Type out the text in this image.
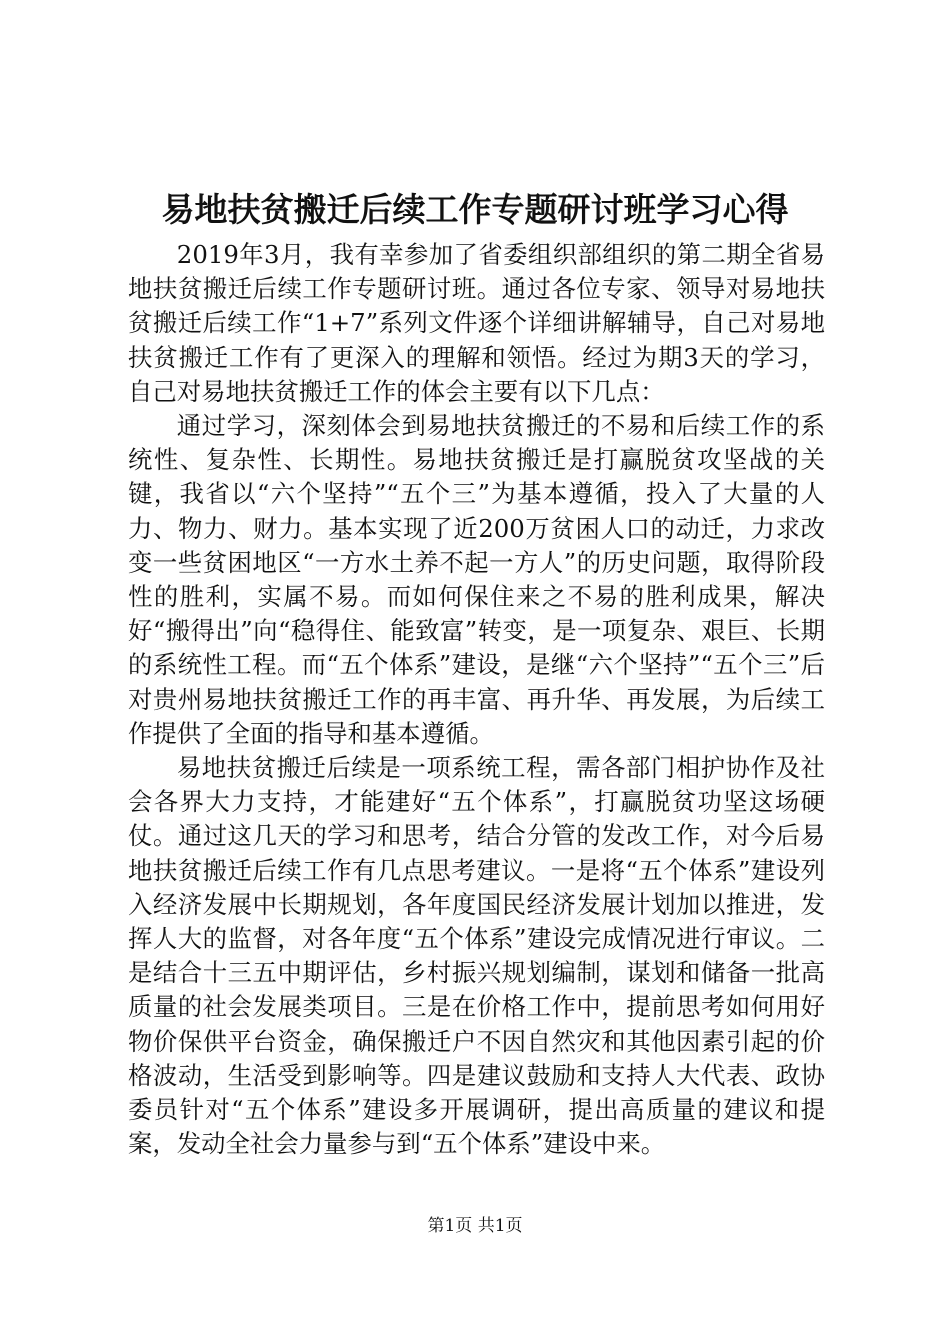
易地扶贫搬迁后续工作专题研讨班学习心得

2019年3月，我有幸参加了省委组织部组织的第二期全省易地扶贫搬迁后续工作专题研讨班。通过各位专家、领导对易地扶贫搬迁后续工作“1+7”系列文件逐个详细讲解辅导，自己对易地扶贫搬迁工作有了更深入的理解和领悟。经过为期3天的学习，自己对易地扶贫搬迁工作的体会主要有以下几点：

通过学习，深刻体会到易地扶贫搬迁的不易和后续工作的系统性、复杂性、长期性。易地扶贫搬迁是打赢脱贫攻坚战的关键，我省以“六个坚持”“五个三”为基本遵循，投入了大量的人力、物力、财力。基本实现了近200万贫困人口的动迁，力求改变一些贫困地区“一方水土养不起一方人”的历史问题，取得阶段性的胜利，实属不易。而如何保住来之不易的胜利成果，解决好“搬得出”向“稳得住、能致富”转变，是一项复杂、艰巨、长期的系统性工程。而“五个体系”建设，是继“六个坚持”“五个三”后对贵州易地扶贫搬迁工作的再丰富、再升华、再发展，为后续工作提供了全面的指导和基本遵循。

易地扶贫搬迁后续是一项系统工程，需各部门相护协作及社会各界大力支持，才能建好“五个体系”，打赢脱贫功坚这场硬仗。通过这几天的学习和思考，结合分管的发改工作，对今后易地扶贫搬迁后续工作有几点思考建议。一是将“五个体系”建设列入经济发展中长期规划，各年度国民经济发展计划加以推进，发挥人大的监督，对各年度“五个体系”建设完成情况进行审议。二是结合十三五中期评估，乡村振兴规划编制，谋划和储备一批高质量的社会发展类项目。三是在价格工作中，提前思考如何用好物价保供平台资金，确保搬迁户不因自然灾和其他因素引起的价格波动，生活受到影响等。四是建议鼓励和支持人大代表、政协委员针对“五个体系”建设多开展调研，提出高质量的建议和提案，发动全社会力量参与到“五个体系”建设中来。

第1页 共1页
